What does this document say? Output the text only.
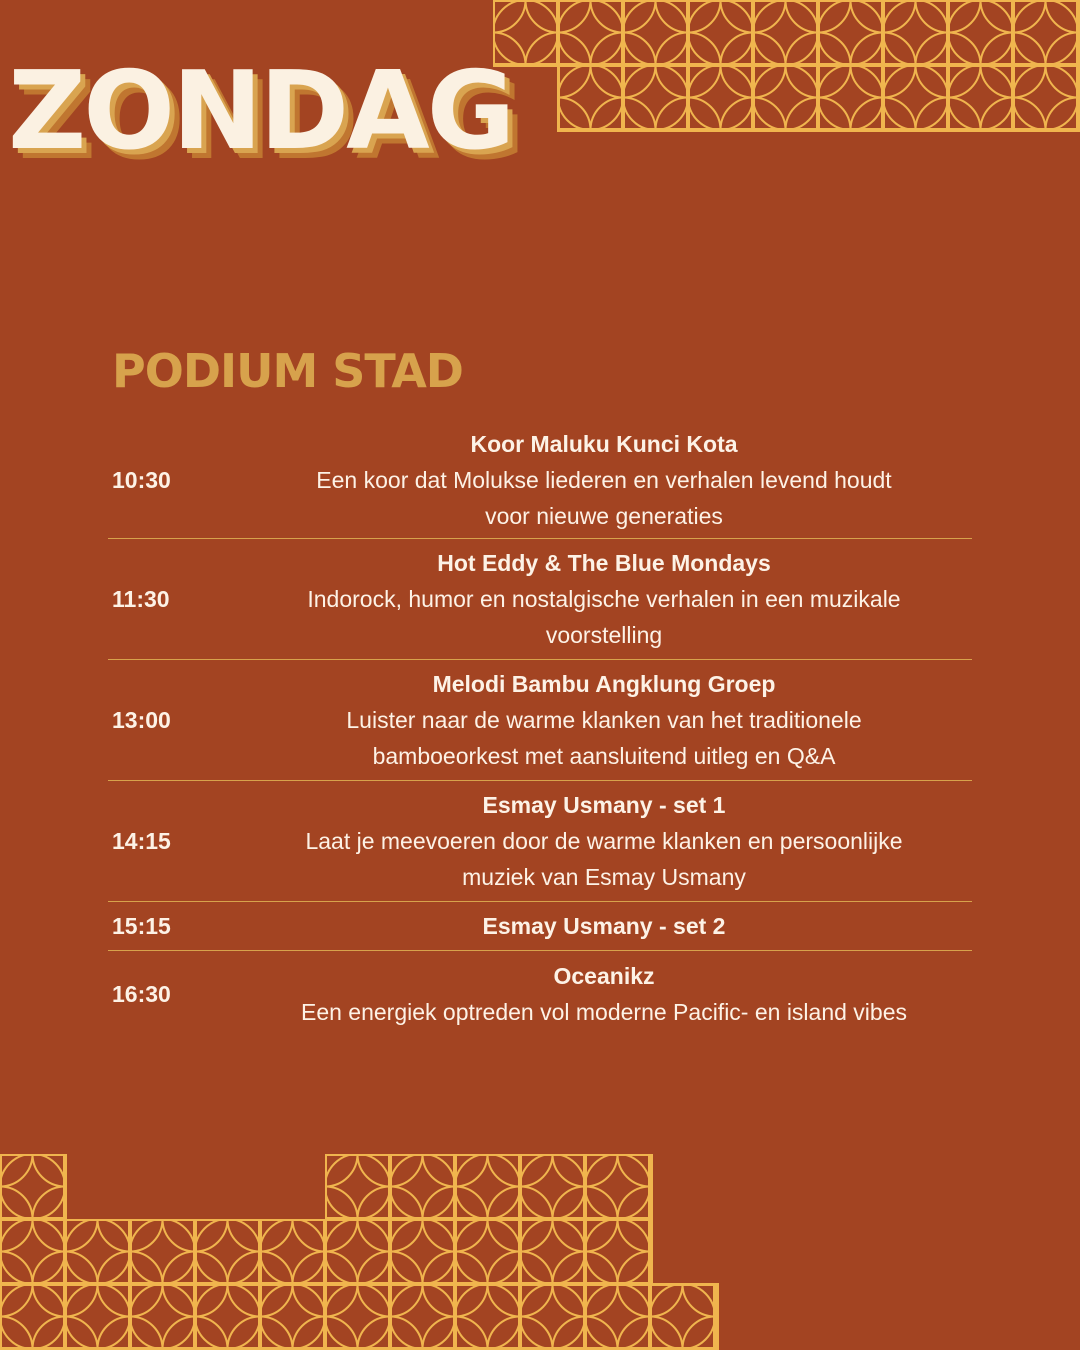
ZONDAG
PODIUM STAD
10:30
Koor Maluku Kunci Kota
Een koor dat Molukse liederen en verhalen levend houdt
voor nieuwe generaties
11:30
Hot Eddy & The Blue Mondays
Indorock, humor en nostalgische verhalen in een muzikale
voorstelling
13:00
Melodi Bambu Angklung Groep
Luister naar de warme klanken van het traditionele
bamboeorkest met aansluitend uitleg en Q&A
14:15
Esmay Usmany - set 1
Laat je meevoeren door de warme klanken en persoonlijke
muziek van Esmay Usmany
15:15	Esmay Usmany - set 2
16:30
Oceanikz
Een energiek optreden vol moderne Pacific- en island vibes
